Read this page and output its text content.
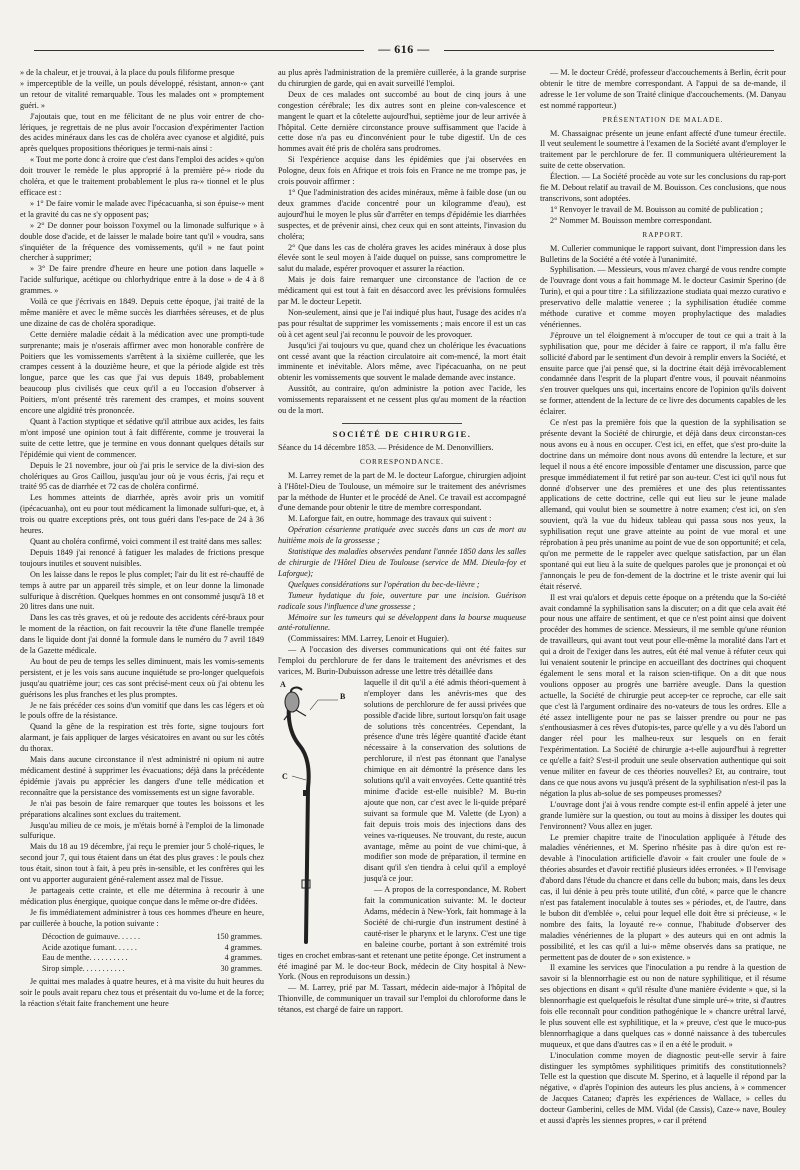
— 616 —

» de la chaleur, et je trouvai, à la place du pouls filiforme presque

» imperceptible de la veille, un pouls développé, résistant, annon-» çant un retour de vitalité remarquable. Tous les malades ont » promptement guéri. »

J'ajoutais que, tout en me félicitant de ne plus voir entrer de cho-lériques, je regrettais de ne plus avoir l'occasion d'expérimenter l'action des acides minéraux dans les cas de choléra avec cyanose et algidité, puis après quelques propositions théoriques je termi-nais ainsi :

« Tout me porte donc à croire que c'est dans l'emploi des acides » qu'on doit trouver le remède le plus approprié à la première pé-» riode du choléra, et que le traitement probablement le plus ra-» tionnel et le plus efficace est :

» 1° De faire vomir le malade avec l'ipécacuanha, si son épuise-» ment et la gravité du cas ne s'y opposent pas;

» 2° De donner pour boisson l'oxymel ou la limonade sulfurique » à double dose d'acide, et de laisser le malade boire tant qu'il » voudra, sans s'inquiéter de la fréquence des vomissements, qu'il » ne faut point chercher à supprimer;

» 3° De faire prendre d'heure en heure une potion dans laquelle » l'acide sulfurique, acétique ou chlorhydrique entre à la dose » de 4 à 8 grammes. »

Voilà ce que j'écrivais en 1849. Depuis cette époque, j'ai traité de la même manière et avec le même succès les diarrhées séreuses, et de plus une dizaine de cas de choléra sporadique.

Cette dernière maladie cédait à la médication avec une prompti-tude surprenante; mais je n'oserais affirmer avec mon honorable confrère de Poitiers que les vomissements s'arrêtent à la sixième cuillerée, que les crampes cessent à la douzième heure, et que la période algide est très longue, parce que les cas que j'ai vus depuis 1849, probablement beaucoup plus civilisés que ceux qu'il a eu l'occasion d'observer à Poitiers, m'ont présenté très rarement des crampes, et moins souvent encore une algidité très prononcée.

Quant à l'action styptique et sédative qu'il attribue aux acides, les faits m'ont imposé une opinion tout à fait différente, comme je trouverai la suite de cette lettre, que je termine en vous donnant quelques détails sur l'épidémie qui vient de commencer.

Depuis le 21 novembre, jour où j'ai pris le service de la divi-sion des cholériques au Gros Caillou, jusqu'au jour où je vous écris, j'ai reçu et traité 95 cas de diarrhée et 72 cas de choléra confirmé.

Les hommes atteints de diarrhée, après avoir pris un vomitif (ipécacuanha), ont eu pour tout médicament la limonade sulfuri-que, et, à trois ou quatre exceptions près, ont tous guéri dans l'es-pace de 24 à 36 heures.

Quant au choléra confirmé, voici comment il est traité dans mes salles:

Depuis 1849 j'ai renoncé à fatiguer les malades de frictions presque toujours inutiles et souvent nuisibles.

On les laisse dans le repos le plus complet; l'air du lit est ré-chauffé de temps à autre par un appareil très simple, et on leur donne la limonade sulfurique à discrétion. Quelques hommes en ont consommé jusqu'à 18 et 20 litres dans une nuit.

Dans les cas très graves, et où je redoute des accidents céré-braux pour le moment de la réaction, on fait recouvrir la tête d'une flanelle trempée dans le liquide dont j'ai donné la formule dans le numéro du 7 avril 1849 de la Gazette médicale.

Au bout de peu de temps les selles diminuent, mais les vomis-sements persistent, et je les vois sans aucune inquiétude se pro-longer quelquefois jusqu'au quatrième jour; ces cas sont précisé-ment ceux où j'ai obtenu les guérisons les plus franches et les plus promptes.

Je ne fais précéder ces soins d'un vomitif que dans les cas légers et où le pouls offre de la résistance.

Quand la gêne de la respiration est très forte, signe toujours fort alarmant, je fais appliquer de larges vésicatoires en avant ou sur les côtés du thorax.

Mais dans aucune circonstance il n'est administré ni opium ni autre médicament destiné à supprimer les évacuations; déjà dans la précédente épidémie j'avais pu apprécier les dangers d'une telle médication et reconnaître que la persistance des vomissements est un signe favorable.

Je n'ai pas besoin de faire remarquer que toutes les boissons et les préparations alcalines sont exclues du traitement.

Jusqu'au milieu de ce mois, je m'étais borné à l'emploi de la limonade sulfurique.

Mais du 18 au 19 décembre, j'ai reçu le premier jour 5 cholé-riques, le second jour 7, qui tous étaient dans un état des plus graves : le pouls chez tous était, sinon tout à fait, à peu près in-sensible, et les confrères qui les ont vu apporter auguraient géné-ralement assez mal de l'issue.

Je partageais cette crainte, et elle me détermina à recourir à une médication plus énergique, quoique conçue dans le même or-dre d'idées.

Je fis immédiatement administrer à tous ces hommes d'heure en heure, par cuillerée à bouche, la potion suivante :

Décoction de guimauve. . . . . .	150 grammes.
Acide azotique fumant. . . . . .	4 grammes.
Eau de menthe. . . . . . . . . .	4 grammes.
Sirop simple. . . . . . . . . . .	30 grammes.

Je quittai mes malades à quatre heures, et à ma visite du huit heures du soir le pouls avait reparu chez tous et présentait du vo-lume et de la force; la réaction s'était faite franchement une heure

au plus après l'administration de la première cuillerée, à la grande surprise du chirurgien de garde, qui en avait surveillé l'emploi.

Deux de ces malades ont succombé au bout de cinq jours à une congestion cérébrale; les dix autres sont en pleine con-valescence et mangent le quart et la côtelette aujourd'hui, septième jour de leur arrivée à l'hôpital. Cette dernière circonstance prouve suffisamment que l'acide à cette dose n'a pas eu d'inconvénient pour le tube digestif. Un de ces hommes avait été pris de choléra sans prodromes.

Si l'expérience acquise dans les épidémies que j'ai observées en Pologne, deux fois en Afrique et trois fois en France ne me trompe pas, je crois pouvoir affirmer :

1° Que l'administration des acides minéraux, même à faible dose (un ou deux grammes d'acide concentré pour un kilogramme d'eau), est aujourd'hui le moyen le plus sûr d'arrêter en temps d'épidémie les diarrhées suspectes, et de prévenir ainsi, chez ceux qui en sont atteints, l'invasion du choléra;

2° Que dans les cas de choléra graves les acides minéraux à dose plus élevée sont le seul moyen à l'aide duquel on puisse, sans compromettre le salut du malade, espérer provoquer et assurer la réaction.

Mais je dois faire remarquer une circonstance de l'action de ce médicament qui est tout à fait en désaccord avec les prévisions formulées par M. le docteur Lepetit.

Non-seulement, ainsi que je l'ai indiqué plus haut, l'usage des acides n'a pas pour résultat de supprimer les vomissements ; mais encore il est un cas où à cet agent seul j'ai reconnu le pouvoir de les provoquer.

Jusqu'ici j'ai toujours vu que, quand chez un cholérique les évacuations ont cessé avant que la réaction circulatoire ait com-mencé, la mort était imminente et inévitable. Alors même, avec l'ipécacuanha, on ne peut obtenir les vomissements que souvent le malade demande avec instance.

Aussitôt, au contraire, qu'on administre la potion avec l'acide, les vomissements reparaissent et ne cessent plus qu'au moment de la réaction ou de la mort.

SOCIÉTÉ DE CHIRURGIE.

Séance du 14 décembre 1853. — Présidence de M. Denonvilliers.

CORRESPONDANCE.

M. Larrey remet de la part de M. le docteur Laforgue, chirurgien adjoint à l'Hôtel-Dieu de Toulouse, un mémoire sur le traitement des anévrismes par la méthode de Hunter et le procédé de Anel. Ce travail est accompagné d'une demande pour obtenir le titre de membre correspondant.

M. Laforgue fait, en outre, hommage des travaux qui suivent :

Opération césarienne pratiquée avec succès dans un cas de mort au huitième mois de la grossesse ;

Statistique des maladies observées pendant l'année 1850 dans les salles de chirurgie de l'Hôtel Dieu de Toulouse (service de MM. Dieula-foy et Laforgue);

Quelques considérations sur l'opération du bec-de-lièvre ;

Tumeur hydatique du foie, ouverture par une incision. Guérison radicale sous l'influence d'une grossesse ;

Mémoire sur les tumeurs qui se développent dans la bourse muqueuse anté-rotulienne.

(Commissaires: MM. Larrey, Lenoir et Huguier).

— A l'occasion des diverses communications qui ont été faites sur l'emploi du perchlorure de fer dans le traitement des anévrismes et des varices, M. Burin-Dubuisson adresse une lettre très détaillée dans

A
B
C

laquelle il dit qu'il a été admis théori-quement à n'employer dans les anévris-mes que des solutions de perchlorure de fer aussi privées que possible d'acide libre, surtout lorsqu'on fait usage de solutions très concentrées. Cependant, la présence d'une très légère quantité d'acide étant nécessaire à la conservation des solutions de perchlorure, il n'est pas étonnant que l'analyse chimique en ait démontré la présence dans les solutions qu'il a vait envoyées. Cette quantité très minime d'acide est-elle nuisible? M. Bu-rin ajoute que non, car c'est avec le li-quide préparé suivant sa formule que M. Valette (de Lyon) a fait depuis trois mois des injections dans des veines va-riqueuses. Ne trouvant, du reste, aucun avantage, même au point de vue chimi-que, à modifier son mode de préparation, il termine en disant qu'il s'en tiendra à celui qu'il a employé jusqu'à ce jour.

— A propos de la correspondance, M. Robert fait la communication suivante: M. le docteur Adams, médecin à New-York, fait hommage à la Société de chi-rurgie d'un instrument destiné à cauté-riser le pharynx et le larynx. C'est une tige en baleine courbe, portant à son extrémité trois tiges en crochet embras-sant et retenant une petite éponge. Cet instrument a été imaginé par M. le doc-teur Bock, médecin de City hospital à New-York. (Nous en reproduisons un dessin.)

— M. Larrey, prié par M. Tassart, médecin aide-major à l'hôpital de Thionville, de communiquer un travail sur l'emploi du chloroforme dans le tétanos, est chargé de faire un rapport.

— M. le docteur Crédé, professeur d'accouchements à Berlin, écrit pour obtenir le titre de membre correspondant. A l'appui de sa de-mande, il adresse le 1er volume de son Traité clinique d'accouchements. (M. Danyau est nommé rapporteur.)

PRÉSENTATION DE MALADE.

M. Chassaignac présente un jeune enfant affecté d'une tumeur érectile. Il veut seulement le soumettre à l'examen de la Société avant d'employer le traitement par le perchlorure de fer. Il communiquera ultérieurement la suite de cette observation.

Élection. — La Société procède au vote sur les conclusions du rap-port fie M. Debout relatif au travail de M. Bouisson. Ces conclusions, que nous transcrivons, sont adoptées.

1° Renvoyer le travail de M. Bouisson au comité de publication ;

2° Nommer M. Bouisson membre correspondant.

RAPPORT.

M. Cullerier communique le rapport suivant, dont l'impression dans les Bulletins de la Société a été votée à l'unanimité.

Syphilisation. — Messieurs, vous m'avez chargé de vous rendre compte de l'ouvrage dont vous a fait hommage M. le docteur Casimir Sperino (de Turin), et qui a pour titre : La sifilizzazione studiata quai mezzo curativo e preservativo delle malattie veneree ; la syphilisation étudiée comme méthode curative et comme moyen prophylactique des maladies vénériennes.

J'éprouve un tel éloignement à m'occuper de tout ce qui a trait à la syphilisation que, pour me décider à faire ce rapport, il m'a fallu être sollicité d'abord par le sentiment d'un devoir à remplir envers la Société, et ensuite parce que j'ai pensé que, si la doctrine était déjà irrévocablement condamnée dans l'esprit de la plupart d'entre vous, il pouvait néanmoins s'en trouver quelques uns qui, incertains encore de l'opinion qu'ils doivent se former, attendent de la lecture de ce livre des documents capables de les éclairer.

Ce n'est pas la première fois que la question de la syphilisation se présente devant la Société de chirurgie, et déjà dans deux circonstan-ces nous avons eu à nous en occuper. C'est ici, en effet, que s'est pro-duite la doctrine dans un mémoire dont nous avons dû entendre la lecture, et sur lequel il nous a été encore impossible d'entamer une discussion, parce que presque immédiatement il fut retiré par son au-teur. C'est ici qu'il nous fut donné d'observer une des premières et une des plus retentissantes applications de cette doctrine, celle qui eut lieu sur le jeune malade allemand, qui voulut bien se soumettre à notre examen; c'est ici, on s'en souvient, qu'à la vue du hideux tableau qui passa sous nos yeux, la syphilisation reçut une grave atteinte au point de vue moral et une réprobation à peu près unanime au point de vue de son opportunité; et cela, qu'on me permette de le rappeler avec quelque satisfaction, par un élan spontané qui eut lieu à la suite de quelques paroles que je prononçai et où j'annonçais le peu de fon-dement de la doctrine et le triste avenir qui lui était réservé.

Il est vrai qu'alors et depuis cette époque on a prétendu que la So-ciété avait condamné la syphilisation sans la discuter; on a dit que cela avait été pour nous une affaire de sentiment, et que ce n'est point ainsi que doivent procéder des hommes de science. Messieurs, il me semble qu'une réunion de travailleurs, qui avant tout veut pour elle-même la moralité dans l'art et qui a droit de l'exiger dans les autres, eût été mal venue à réfuter ceux qui lui venaient soutenir le principe en accueillant des doctrines qui choquent également le sens moral et la raison scien-tifique. On a dit que nous voulions opposer au progrès une barrière aveugle. Dans la question actuelle, la Société de chirurgie peut accep-ter ce reproche, car elle sait que c'est là l'argument ordinaire des no-vateurs de tous les ordres. Elle a été assez intelligente pour ne pas se laisser prendre ou pour ne pas s'enthousiasmer à ces rêves d'utopis-tes, parce qu'elle y a vu dès l'abord un danger réel pour les malheu-reux sur lesquels on en ferait l'expérimentation. La Société de chirurgie a-t-elle aujourd'hui à regretter ce qu'elle a fait? S'est-il produit une seule observation authentique qui soit venue militer en faveur de ces théories nouvelles? Et, au contraire, tout dans ce que nous avons vu jusqu'à présent de la syphilisation n'est-il pas la négation la plus ab-solue de ses pompeuses promesses?

L'ouvrage dont j'ai à vous rendre compte est-il enfin appelé à jeter une grande lumière sur la question, ou tout au moins à dissiper les doutes qui l'environnent? Vous allez en juger.

Le premier chapitre traite de l'inoculation appliquée à l'étude des maladies vénériennes, et M. Sperino n'hésite pas à dire qu'on est re-devable à l'inoculation artificielle d'avoir « fait crouler une foule de » théories absurdes et d'avoir rectifié plusieurs idées erronées. » Il l'envisage d'abord dans l'étude du chancre et dans celle du bubon; mais, dans les deux cas, il lui dénie à peu près toute utilité, d'un côté, « parce que le chancre n'est pas fatalement inoculable à toutes ses » périodes, et, de l'autre, dans le bubon dit d'emblée », celui pour lequel elle doit être si précieuse, « le nombre des faits, la loyauté re-» connue, l'habitude d'observer des maladies vénériennes de la plupart » des auteurs qui en ont admis la possibilité, et les cas qu'il a lui-» même observés dans sa pratique, ne permettent pas de douter de » son existence. »

Il examine les services que l'inoculation a pu rendre à la question de savoir si la blennorrhagie est ou non de nature syphilitique, et il résume ses objections en disant « qu'il résulte d'une manière évidente » que, si la blennorrhagie est quelquefois le résultat d'une simple uré-» trite, si d'autres fois elle reconnaît pour condition pathogénique le » chancre urétral larvé, le plus souvent elle est syphilitique, et la » preuve, c'est que le muco-pus blennorrhagique a dans quelques cas » donné naissance à des tubercules muqueux, et que dans d'autres cas » il en a été le produit. »

L'inoculation comme moyen de diagnostic peut-elle servir à faire distinguer les symptômes syphilitiques primitifs des constitutionnels? Telle est la question que discute M. Sperino, et à laquelle il répond par la négative, « d'après l'opinion des auteurs les plus anciens, à » commencer de Jacques Cataneo; d'après les expériences de Wallace, » celles du docteur Gamberini, celles de MM. Vidal (de Cassis), Caze-» nave, Bouley et aussi d'après les siennes propres, » car il prétend
